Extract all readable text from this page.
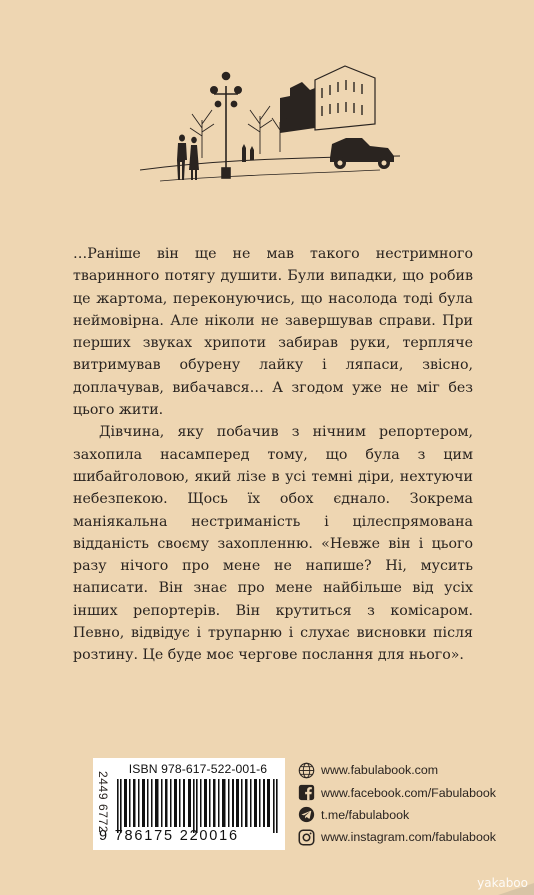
…Раніше він ще не мав такого нестримного тваринного потягу душити. Були випадки, що робив це жартома, переконуючись, що насолода тоді була неймовірна. Але ніколи не завершував справи. При перших звуках хрипоти забирав руки, терпляче витримував обурену лайку і ляпаси, звісно, доплачував, вибачався… А згодом уже не міг без цього жити.

Дівчина, яку побачив з нічним репортером, захопила насамперед тому, що була з цим шибайголовою, який лізе в усі темні діри, нехтуючи небезпекою. Щось їх обох єднало. Зокрема маніякальна нестриманість і цілеспрямована відданість своєму захопленню. «Невже він і цього разу нічого про мене не напише? Ні, мусить написати. Він знає про мене найбільше від усіх інших репортерів. Він крутиться з комісаром. Певно, відвідує і трупарню і слухає висновки після розтину. Це буде моє чергове послання для нього».

ISBN 978-617-522-001-6
9 786175 220016
2449 6772
www.fabulabook.com
www.facebook.com/Fabulabook
t.me/fabulabook
www.instagram.com/fabulabook
yakaboo
